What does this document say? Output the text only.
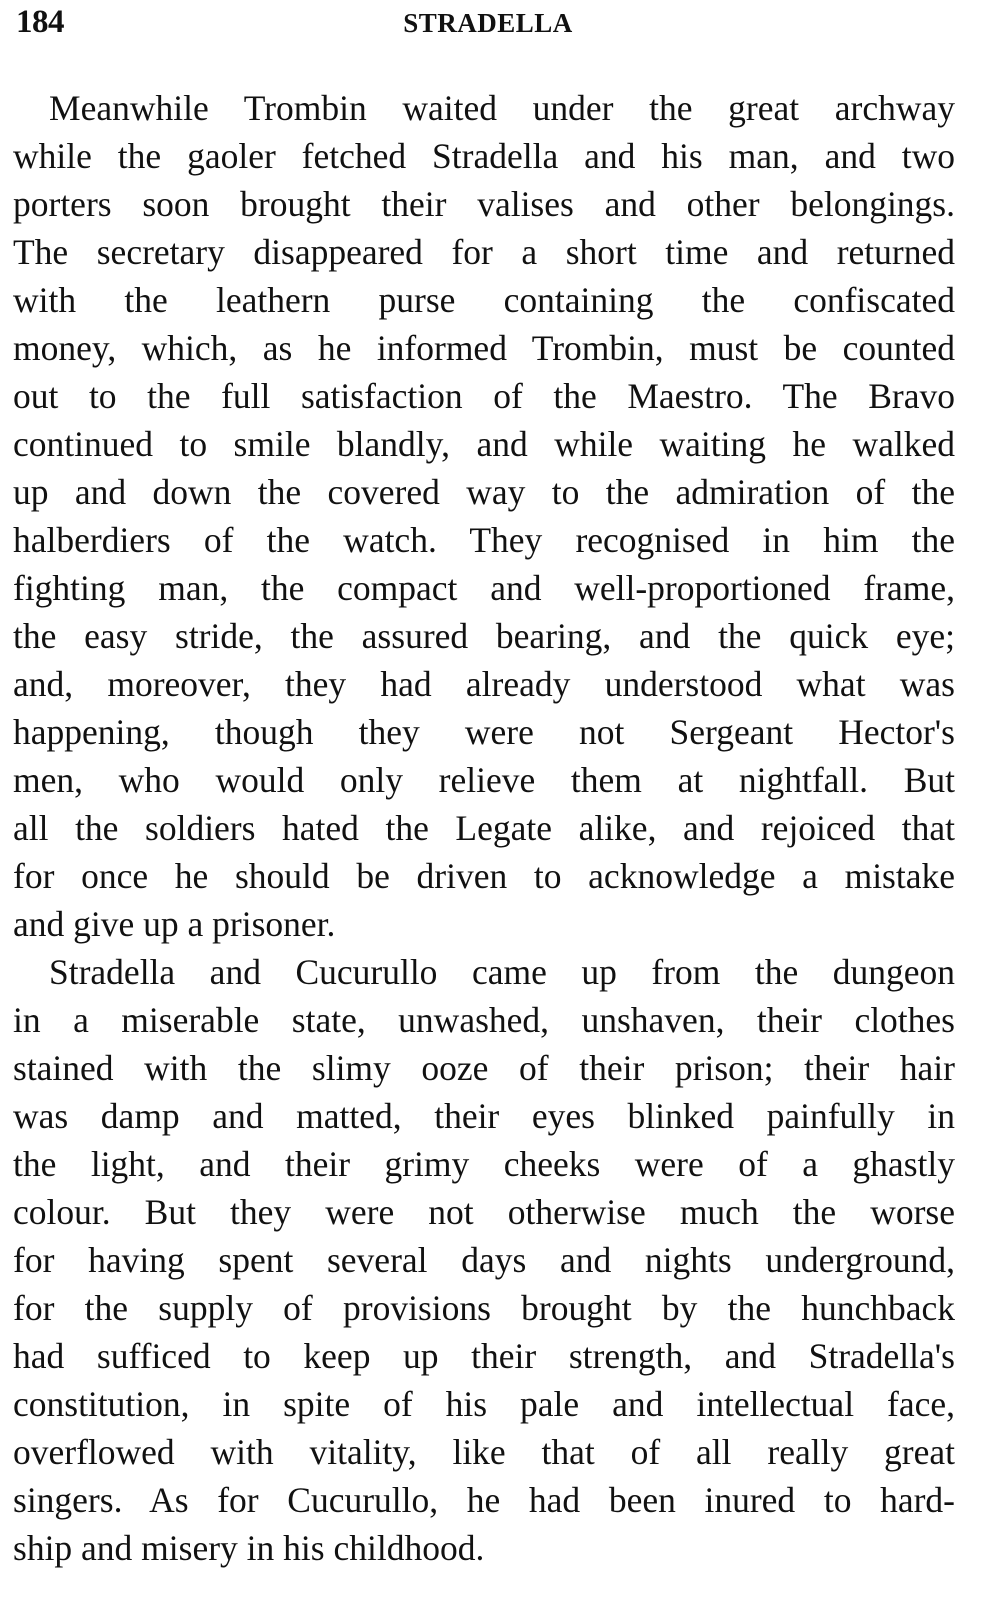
184	STRADELLA
Meanwhile Trombin waited under the great archway
while the gaoler fetched Stradella and his man, and two
porters soon brought their valises and other belongings.
The secretary disappeared for a short time and returned
with the leathern purse containing the confiscated
money, which, as he informed Trombin, must be counted
out to the full satisfaction of the Maestro. The Bravo
continued to smile blandly, and while waiting he walked
up and down the covered way to the admiration of the
halberdiers of the watch. They recognised in him the
fighting man, the compact and well-proportioned frame,
the easy stride, the assured bearing, and the quick eye;
and, moreover, they had already understood what was
happening, though they were not Sergeant Hector's
men, who would only relieve them at nightfall. But
all the soldiers hated the Legate alike, and rejoiced that
for once he should be driven to acknowledge a mistake
and give up a prisoner.
Stradella and Cucurullo came up from the dungeon
in a miserable state, unwashed, unshaven, their clothes
stained with the slimy ooze of their prison; their hair
was damp and matted, their eyes blinked painfully in
the light, and their grimy cheeks were of a ghastly
colour. But they were not otherwise much the worse
for having spent several days and nights underground,
for the supply of provisions brought by the hunchback
had sufficed to keep up their strength, and Stradella's
constitution, in spite of his pale and intellectual face,
overflowed with vitality, like that of all really great
singers. As for Cucurullo, he had been inured to hard-
ship and misery in his childhood.
